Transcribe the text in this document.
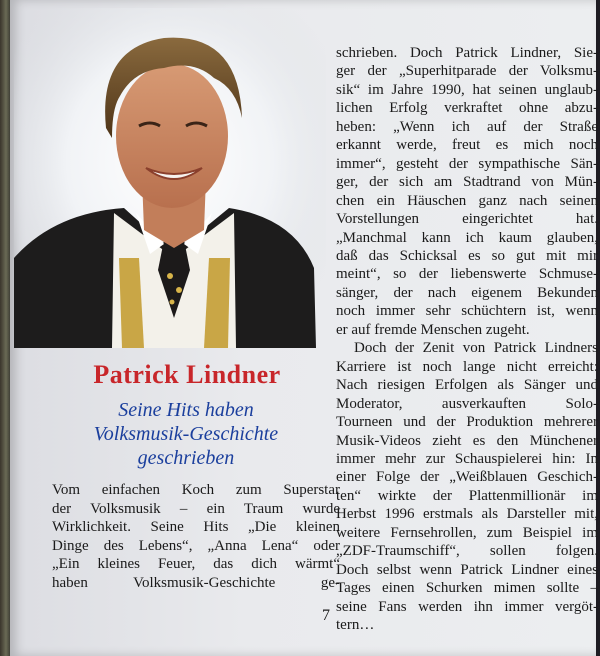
Patrick Lindner
Seine Hits haben
Volksmusik-Geschichte
geschrieben
Vom einfachen Koch zum Superstar
der Volksmusik – ein Traum wurde
Wirklichkeit. Seine Hits „Die kleinen
Dinge des Lebens“, „Anna Lena“ oder
„Ein kleines Feuer, das dich wärmt“
haben Volksmusik-Geschichte ge-
schrieben. Doch Patrick Lindner, Sie-
ger der „Superhitparade der Volksmu-
sik“ im Jahre 1990, hat seinen unglaub-
lichen Erfolg verkraftet ohne abzu-
heben: „Wenn ich auf der Straße
erkannt werde, freut es mich noch
immer“, gesteht der sympathische Sän-
ger, der sich am Stadtrand von Mün-
chen ein Häuschen ganz nach seinen
Vorstellungen eingerichtet hat.
„Manchmal kann ich kaum glauben,
daß das Schicksal es so gut mit mir
meint“, so der liebenswerte Schmuse-
sänger, der nach eigenem Bekunden
noch immer sehr schüchtern ist, wenn
er auf fremde Menschen zugeht.
Doch der Zenit von Patrick Lindners
Karriere ist noch lange nicht erreicht:
Nach riesigen Erfolgen als Sänger und
Moderator, ausverkauften Solo-
Tourneen und der Produktion mehrerer
Musik-Videos zieht es den Münchener
immer mehr zur Schauspielerei hin: In
einer Folge der „Weißblauen Geschich-
ten“ wirkte der Plattenmillionär im
Herbst 1996 erstmals als Darsteller mit,
weitere Fernsehrollen, zum Beispiel im
„ZDF-Traumschiff“, sollen folgen.
Doch selbst wenn Patrick Lindner eines
Tages einen Schurken mimen sollte –
seine Fans werden ihn immer vergöt-
tern…
7
